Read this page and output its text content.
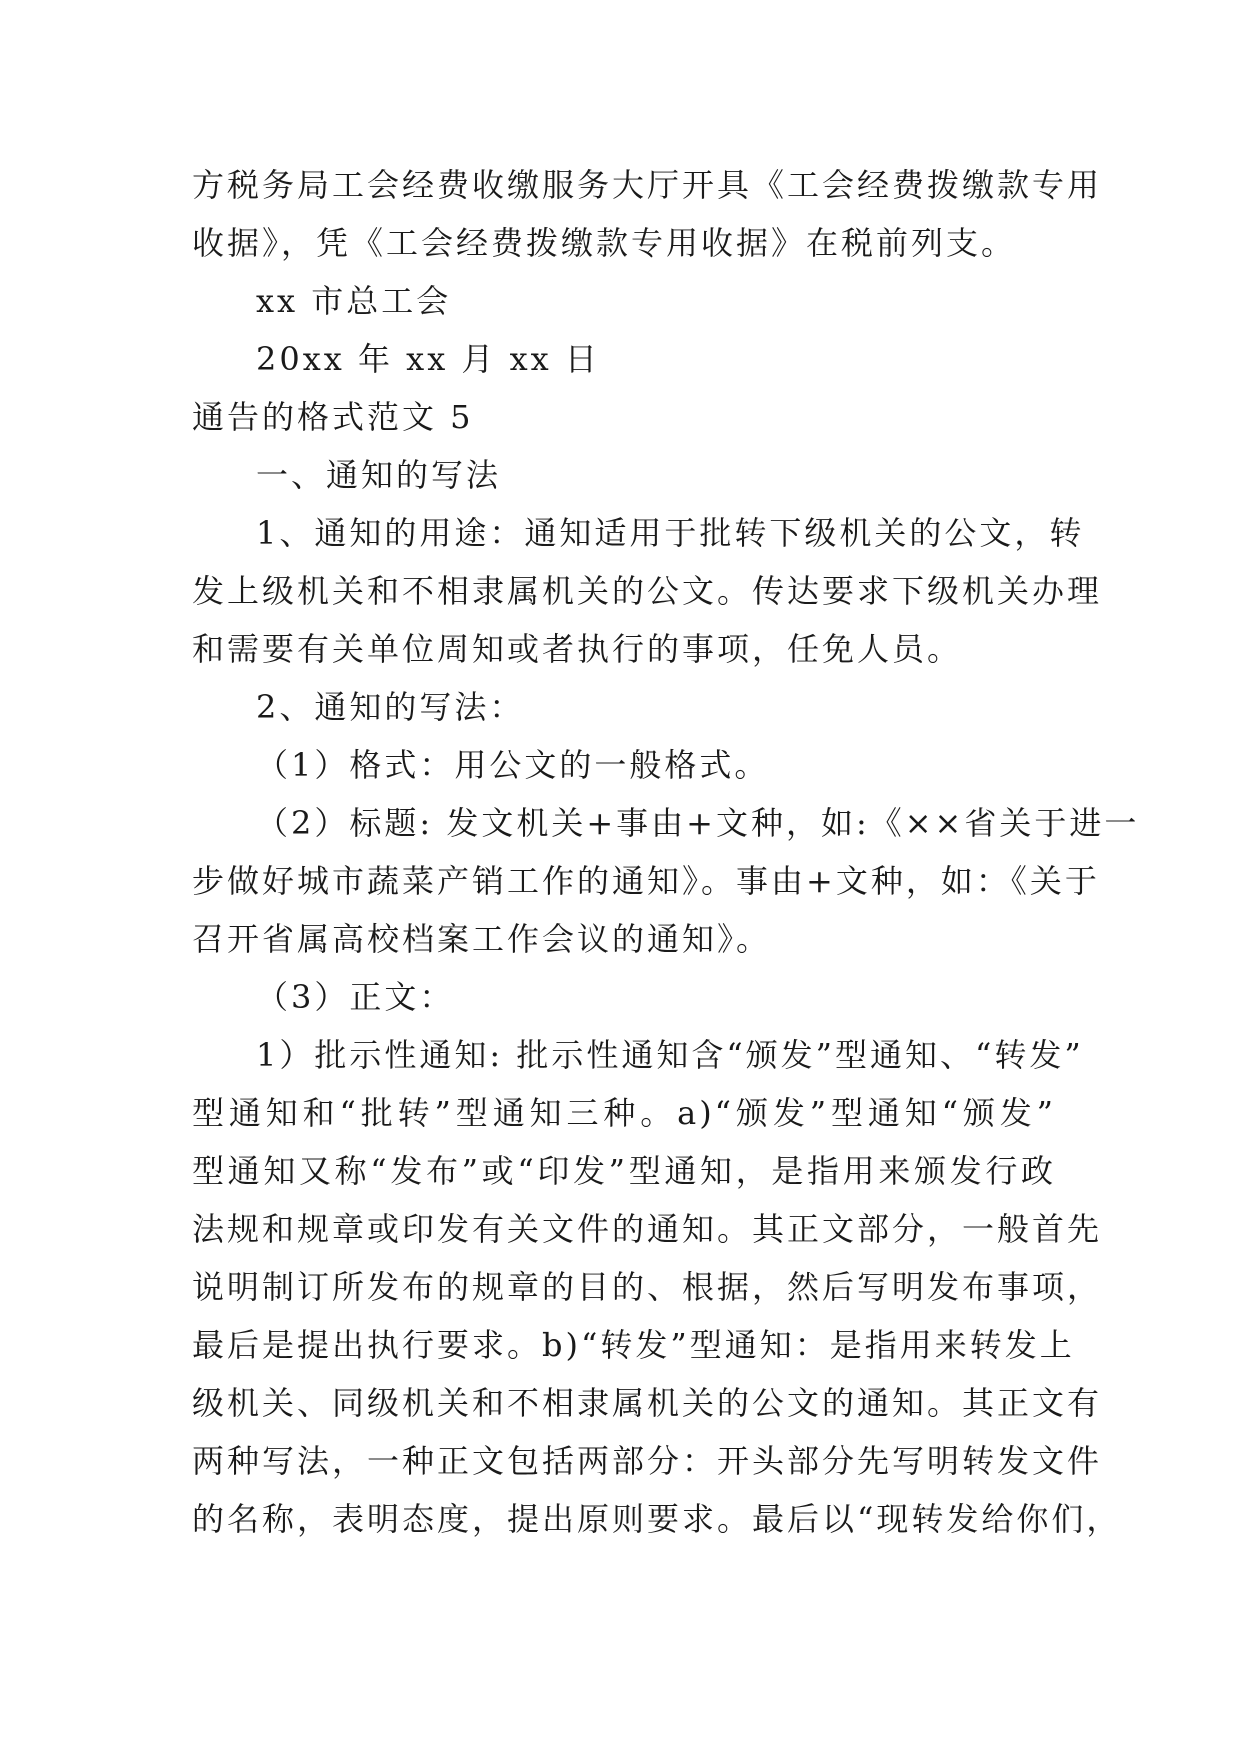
方税务局工会经费收缴服务大厅开具《工会经费拨缴款专用
收据》，凭《工会经费拨缴款专用收据》在税前列支。
xx 市总工会
20xx 年 xx 月 xx 日
通告的格式范文 5
一、通知的写法
1、通知的用途：通知适用于批转下级机关的公文，转
发上级机关和不相隶属机关的公文。传达要求下级机关办理
和需要有关单位周知或者执行的事项，任免人员。
2、通知的写法：
（1）格式：用公文的一般格式。
（2）标题: 发文机关+事由+文种，如:《××省关于进一
步做好城市蔬菜产销工作的通知》。事由+文种，如：《关于
召开省属高校档案工作会议的通知》。
（3）正文：
1）批示性通知: 批示性通知含“颁发”型通知、“转发”
型通知和“批转”型通知三种。a)“颁发”型通知“颁发”
型通知又称“发布”或“印发”型通知，是指用来颁发行政
法规和规章或印发有关文件的通知。其正文部分，一般首先
说明制订所发布的规章的目的、根据，然后写明发布事项，
最后是提出执行要求。b)“转发”型通知：是指用来转发上
级机关、同级机关和不相隶属机关的公文的通知。其正文有
两种写法，一种正文包括两部分：开头部分先写明转发文件
的名称，表明态度，提出原则要求。最后以“现转发给你们，
